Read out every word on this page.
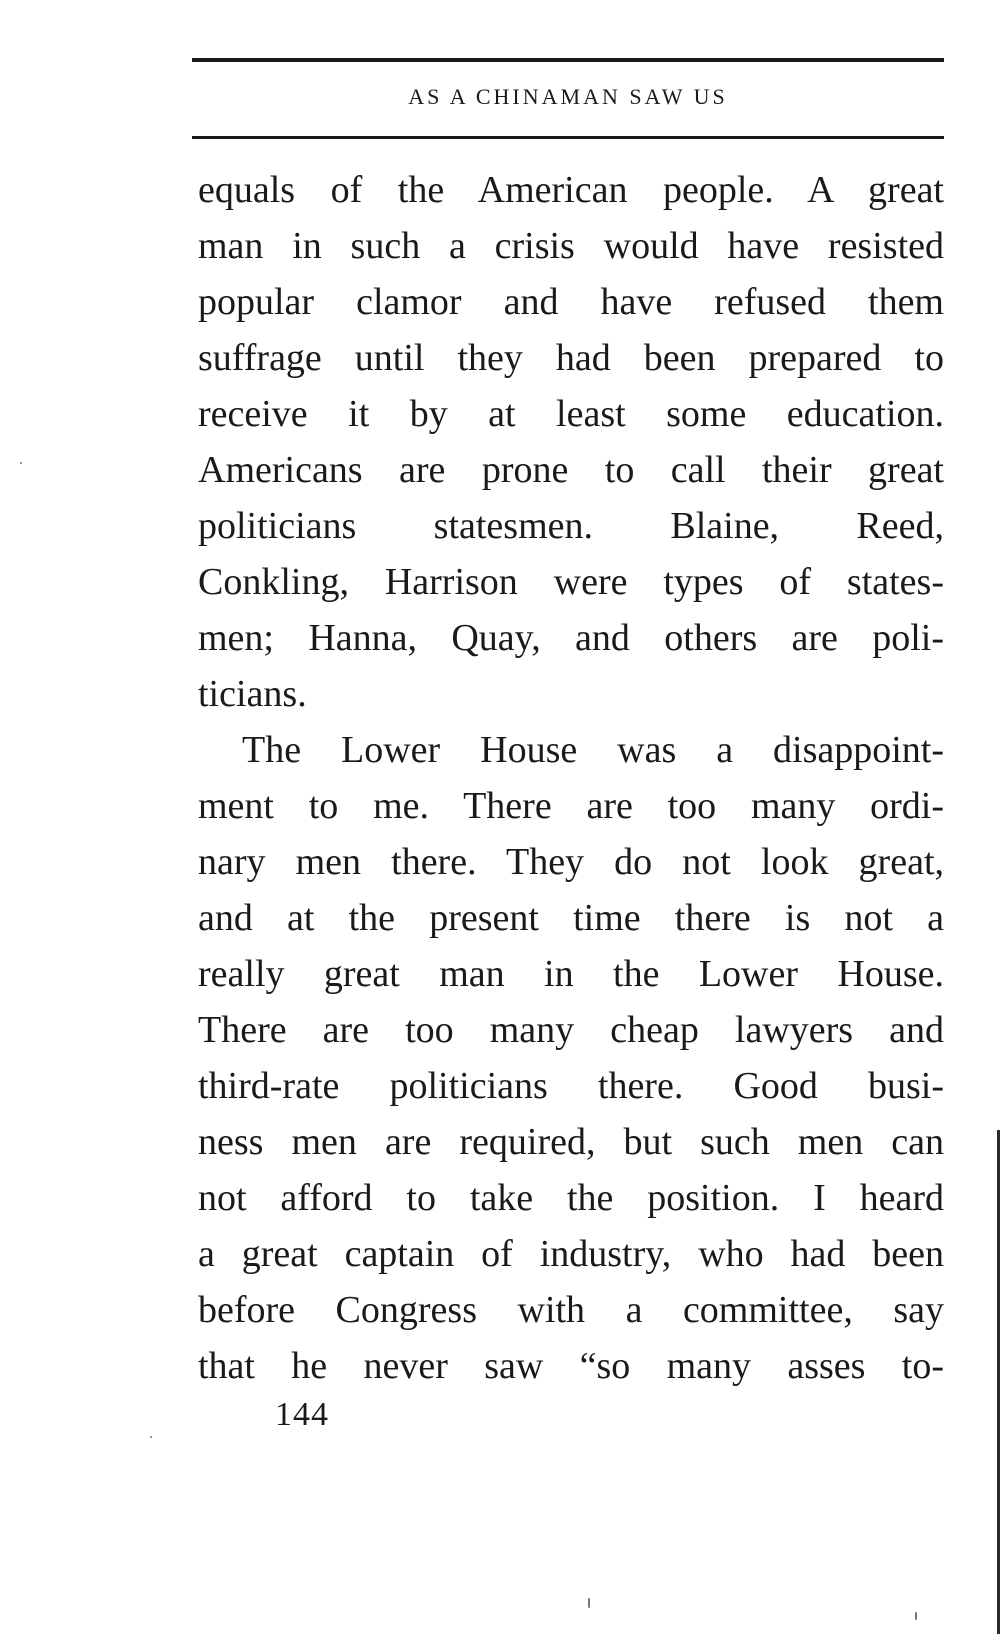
AS A CHINAMAN SAW US
equals of the American people. A great
man in such a crisis would have resisted
popular clamor and have refused them
suffrage until they had been prepared to
receive it by at least some education.
Americans are prone to call their great
politicians statesmen. Blaine, Reed,
Conkling, Harrison were types of states-
men; Hanna, Quay, and others are poli-
ticians.
The Lower House was a disappoint-
ment to me. There are too many ordi-
nary men there. They do not look great,
and at the present time there is not a
really great man in the Lower House.
There are too many cheap lawyers and
third-rate politicians there. Good busi-
ness men are required, but such men can
not afford to take the position. I heard
a great captain of industry, who had been
before Congress with a committee, say
that he never saw “so many asses to-
144
